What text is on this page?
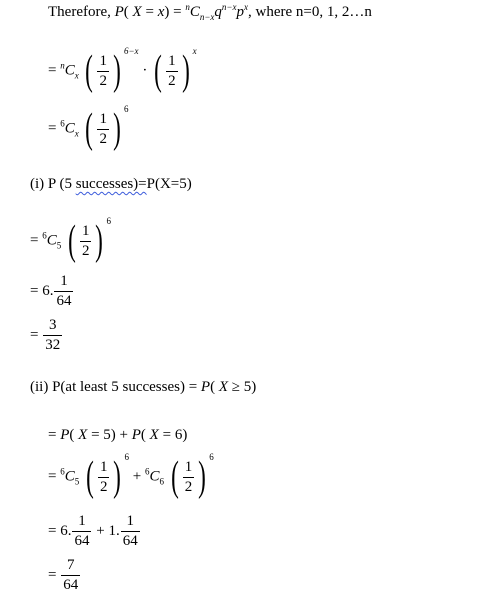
Therefore, P( $X = x) = ^nC_{n-x}q^{n-x}p^x$, where n=0, 1, 2…n
= $^nC_x$ ( $\frac{1}{2}$ ) $^{6-x}$ · ( $\frac{1}{2}$ ) $^x$
= $^6C_x$ ( $\frac{1}{2}$ ) $^6$
(i) P (5 successes)=P(X=5)
= $^6C_5$ ( $\frac{1}{2}$ ) $^6$
= 6. $\frac{1}{64}$
= $\frac{3}{32}$
(ii) P(at least 5 successes) = P( X ≥ 5)
= P( X = 5) + P( X = 6)
= $^6C_5$ ( $\frac{1}{2}$ ) $^6 + ^6C_6$ ( $\frac{1}{2}$ ) $^6$
= 6. $\frac{1}{64} + 1$. $\frac{1}{64}$
= $\frac{7}{64}$
